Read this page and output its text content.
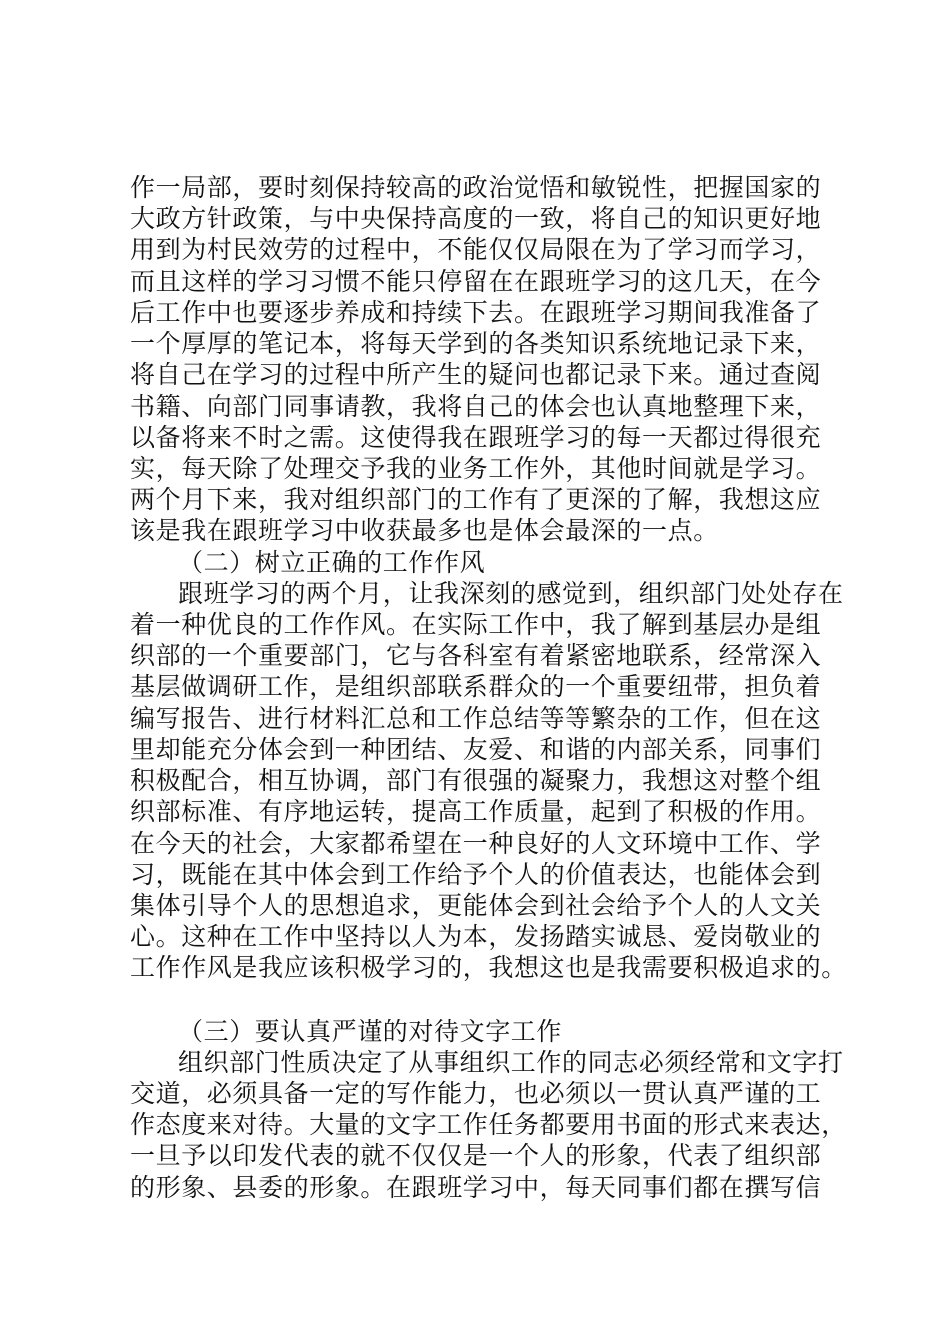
作一局部，要时刻保持较高的政治觉悟和敏锐性，把握国家的
大政方针政策，与中央保持高度的一致，将自己的知识更好地
用到为村民效劳的过程中，不能仅仅局限在为了学习而学习，
而且这样的学习习惯不能只停留在在跟班学习的这几天，在今
后工作中也要逐步养成和持续下去。在跟班学习期间我准备了
一个厚厚的笔记本，将每天学到的各类知识系统地记录下来，
将自己在学习的过程中所产生的疑问也都记录下来。通过查阅
书籍、向部门同事请教，我将自己的体会也认真地整理下来，
以备将来不时之需。这使得我在跟班学习的每一天都过得很充
实，每天除了处理交予我的业务工作外，其他时间就是学习。
两个月下来，我对组织部门的工作有了更深的了解，我想这应
该是我在跟班学习中收获最多也是体会最深的一点。
（二）树立正确的工作作风
跟班学习的两个月，让我深刻的感觉到，组织部门处处存在
着一种优良的工作作风。在实际工作中，我了解到基层办是组
织部的一个重要部门，它与各科室有着紧密地联系，经常深入
基层做调研工作，是组织部联系群众的一个重要纽带，担负着
编写报告、进行材料汇总和工作总结等等繁杂的工作，但在这
里却能充分体会到一种团结、友爱、和谐的内部关系，同事们
积极配合，相互协调，部门有很强的凝聚力，我想这对整个组
织部标准、有序地运转，提高工作质量，起到了积极的作用。
在今天的社会，大家都希望在一种良好的人文环境中工作、学
习，既能在其中体会到工作给予个人的价值表达，也能体会到
集体引导个人的思想追求，更能体会到社会给予个人的人文关
心。这种在工作中坚持以人为本，发扬踏实诚恳、爱岗敬业的
工作作风是我应该积极学习的，我想这也是我需要积极追求的。
（三）要认真严谨的对待文字工作
组织部门性质决定了从事组织工作的同志必须经常和文字打
交道，必须具备一定的写作能力，也必须以一贯认真严谨的工
作态度来对待。大量的文字工作任务都要用书面的形式来表达，
一旦予以印发代表的就不仅仅是一个人的形象，代表了组织部
的形象、县委的形象。在跟班学习中，每天同事们都在撰写信
